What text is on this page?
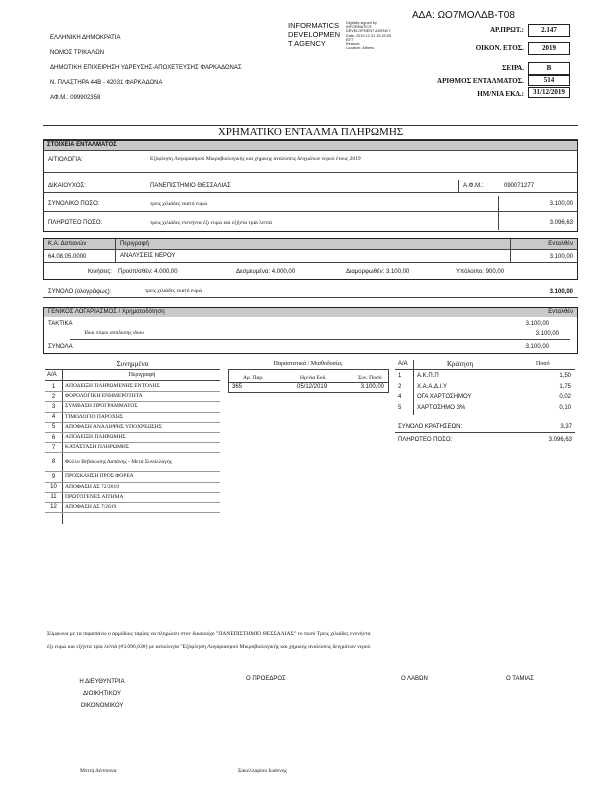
ΑΔΑ: ΩΟ7ΜΟΛΔΒ-Τ08
ΕΛΛΗΝΙΚΗ ΔΗΜΟΚΡΑΤΙΑ
ΝΟΜΟΣ ΤΡΙΚΑΛΩΝ
ΔΗΜΟΤΙΚΗ ΕΠΙΧΕΙΡΗΣΗ ΥΔΡΕΥΣΗΣ-ΑΠΟΧΕΤΕΥΣΗΣ ΦΑΡΚΑΔΟΝΑΣ
Ν. ΠΛΑΣΤΗΡΑ 44Β - 42031 ΦΑΡΚΑΔΟΝΑ
ΑΦ.Μ.: 099902358
INFORMATICS
DEVELOPMEN
T AGENCY
Digitally signed by
INFORMATICS
DEVELOPMENT AGENCY
Date: 2019.12.31 15:23:05
EET
Reason:
Location: Athens
ΑΡ.ΠΡΩΤ.:	2.147
ΟΙΚΟΝ. ΕΤΟΣ.	2019
ΣΕΙΡΑ.	Β
ΑΡΙΘΜΟΣ ΕΝΤΑΛΜΑΤΟΣ.	514
ΗΜ/ΝΙΑ ΕΚΔ.:	31/12/2019
ΧΡΗΜΑΤΙΚΟ ΕΝΤΑΛΜΑ ΠΛΗΡΩΜΗΣ
ΣΤΟΙΧΕΙΑ ΕΝΤΑΛΜΑΤΟΣ
ΑΙΤΙΟΛΟΓΙΑ:	Εξόφληση Λογαριασμού Μικροβιολογικής και χημικης αναλύσεις δειγμάτων νερού έτους 2019
ΔΙΚΑΙΟΥΧΟΣ:	ΠΑΝΕΠΙΣΤΗΜΙΟ ΘΕΣΣΑΛΙΑΣ	Α.Φ.Μ.:	090071277
ΣΥΝΟΛΙΚΟ ΠΟΣΟ:	τρεις χιλιάδες εκατό ευρώ	3.100,00
ΠΛΗΡΩΤΕΟ ΠΟΣΟ:	τρεις χιλιάδες ενενήντα έξι ευρώ και εξήντα τρία λεπτά	3.096,63
Κ.Α. Δαπανών	Περιγραφή	Ενταλθέν
64.08.05.0000	ΑΝΑΛΥΣΕΙΣ ΝΕΡΟΥ	3.100,00
Κινήσεις: Προϋπ/σθέν: 4.000,00	Δεσμευμένα: 4.000,00	Διαμορφωθέν: 3.100,00	Υπόλοιπο: 900,00
ΣΥΝΟΛΟ (ολογράφως):	τρεις χιλιάδες εκατό ευρώ	3.100,00
ΓΕΝΙΚΟΣ ΛΟΓΑΡΙΑΣΜΟΣ / Χρηματοδότηση	Ενταλθέν
ΤΑΚΤΙΚΑ	3.100,00
Ίδιοι πόροι απόδοσης ιδιου	3.100,00
ΣΥΝΟΛΑ	3.100,00
Συνημμένα
Α/Α	Περιγραφή
1	ΑΠΟΔΕΙΞΗ ΠΛΗΡΩΜΕΝΗΣ ΕΝΤΟΛΗΣ
2	ΦΟΡΟΛΟΓΙΚΗ ΕΝΗΜΕΡΟΤΗΤΑ
3	ΣΥΜΒΑΣΗ ΠΡΟΓΡΑΜΜΑΤΟΣ
4	ΤΙΜΟΛΟΓΙΟ ΠΑΡΟΧΗΣ
5	ΑΠΟΦΑΣΗ ΑΝΑΛΗΨΗΣ ΥΠΟΧΡΕΩΣΗΣ
6	ΑΠΟΔΕΙΞΗ ΠΛΗΡΩΜΗΣ
7	ΚΑΤΑΣΤΑΣΗ ΠΛΗΡΩΜΗΣ
8	Φύλλο Βεβαίωσης Δαπάνης - Μετά Συναλλαγής
9	ΠΡΟΣΚΛΗΣΗ ΠΡΟΣ ΦΟΡΕΑ
10	ΑΠΟΦΑΣΗ ΔΣ 72/2019
11	ΠΡΩΤΟΓΕΝΕΣ ΑΙΤΗΜΑ
12	ΑΠΟΦΑΣΗ ΔΣ 7/2019
Παραστατικά / Μισθοδοσίες
Αρ. Παρ.	Ημ/νία Εκδ.	Συν. Ποσό
365	05/12/2019	3.100,00
Α/Α	Κράτηση	Ποσό
1	Α.Κ.Π.Π	1,50
2	Χ.Α.Α.Δ.Ι.Υ	1,75
4	ΟΓΑ ΧΑΡΤΟΣΗΜΟΥ	0,02
5	ΧΑΡΤΟΣΗΜΟ 3%	0,10
ΣΥΝΟΛΟ ΚΡΑΤΗΣΕΩΝ:	3,37
ΠΛΗΡΩΤΕΟ ΠΟΣΟ:	3.096,63
Σύμφωνα με τα παραπάνω ο αρμόδιος ταμίας να πληρώσει στον δικαιούχο "ΠΑΝΕΠΙΣΤΗΜΙΟ ΘΕΣΣΑΛΙΑΣ" το ποσό Τρεις χιλιάδες ενενήντα
έξι ευρώ και εξήντα τρία λεπτά (#3.096,63#) με αιτιολογία "Εξόφληση Λογαριασμού Μικροβιολογικής και χημικης αναλύσεις δειγμάτων νερού
Η ΔΙΕΥΘΥΝΤΡΙΑ
ΔΙΟΙΚΗΤΙΚΟΥ
ΟΙΚΟΝΟΜΙΚΟΥ
Ο ΠΡΟΕΔΡΟΣ	Ο ΛΑΒΩΝ	Ο ΤΑΜΙΑΣ
Μπιτή Δέσποινα	Σακελλαρίου Ιωάννης
